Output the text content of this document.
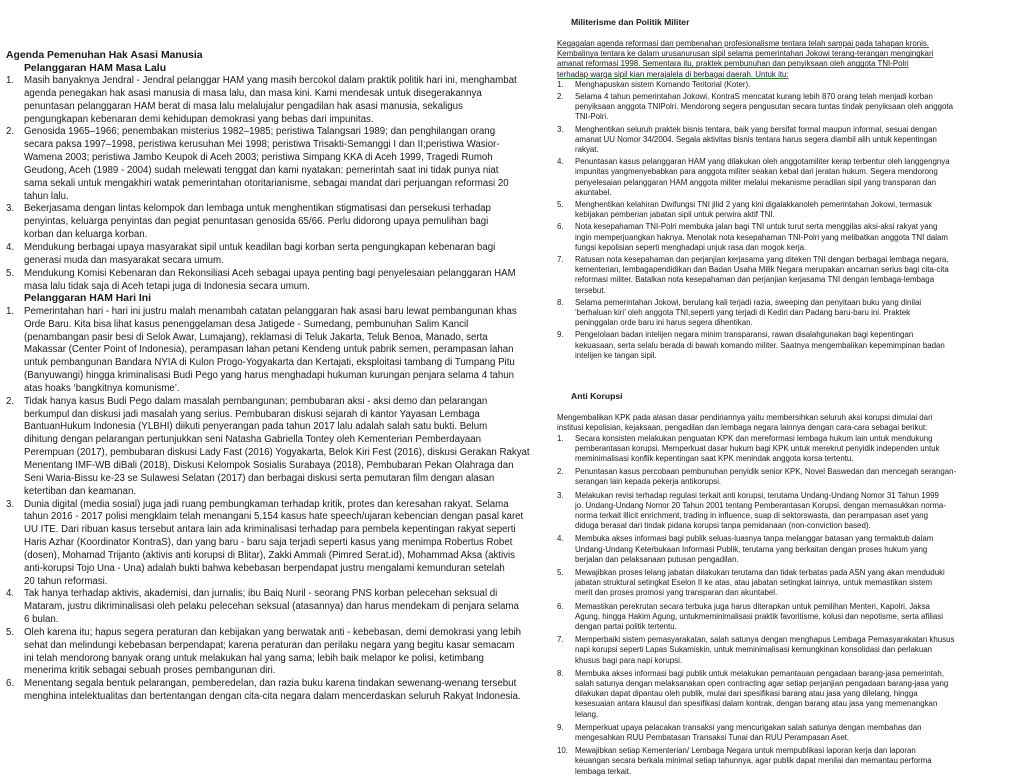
Agenda Pemenuhan Hak Asasi Manusia

Pelanggaran HAM Masa Lalu

1. Masih banyaknya Jendral - Jendral pelanggar HAM yang masih bercokol dalam praktik politik hari ini, menghambat
agenda penegakan hak asasi manusia di masa lalu, dan masa kini. Kami mendesak untuk disegerakannya
penuntasan pelanggaran HAM berat di masa lalu melalujalur pengadilan hak asasi manusia, sekaligus
pengungkapan kebenaran demi kehidupan demokrasi yang bebas dari impunitas.
2. Genosida 1965–1966; penembakan misterius 1982–1985; peristiwa Talangsari 1989; dan penghilangan orang
secara paksa 1997–1998, peristiwa kerusuhan Mei 1998; peristiwa Trisakti-Semanggi I dan II;peristiwa Wasior-
Wamena 2003; peristiwa Jambo Keupok di Aceh 2003; peristiwa Simpang KKA di Aceh 1999, Tragedi Rumoh
Geudong, Aceh (1989 - 2004) sudah melewati tenggat dan kami nyatakan: pemerintah saat ini tidak punya niat
sama sekali untuk mengakhiri watak pemerintahan otoritarianisme, sebagai mandat dari perjuangan reformasi 20
tahun lalu.
3. Bekerjasama dengan lintas kelompok dan lembaga untuk menghentikan stigmatisasi dan persekusi terhadap
penyintas, keluarga penyintas dan pegiat penuntasan genosida 65/66. Perlu didorong upaya pemulihan bagi
korban dan keluarga korban.
4. Mendukung berbagai upaya masyarakat sipil untuk keadilan bagi korban serta pengungkapan kebenaran bagi
generasi muda dan masyarakat secara umum.
5. Mendukung Komisi Kebenaran dan Rekonsiliasi Aceh sebagai upaya penting bagi penyelesaian pelanggaran HAM
masa lalu tidak saja di Aceh tetapi juga di Indonesia secara umum.

Pelanggaran HAM Hari Ini

1. Pemerintahan hari - hari ini justru malah menambah catatan pelanggaran hak asasi baru lewat pembangunan khas
Orde Baru. Kita bisa lihat kasus penenggelaman desa Jatigede - Sumedang, pembunuhan Salim Kancil
(penambangan pasir besi di Selok Awar, Lumajang), reklamasi di Teluk Jakarta, Teluk Benoa, Manado, serta
Makassar (Center Point of Indonesia), perampasan lahan petani Kendeng untuk pabrik semen, perampasan lahan
untuk pembangunan Bandara NYIA di Kulon Progo-Yogyakarta dan Kertajati, eksploitasi tambang di Tumpang Pitu
(Banyuwangi) hingga kriminalisasi Budi Pego yang harus menghadapi hukuman kurungan penjara selama 4 tahun
atas hoaks ‘bangkitnya komunisme’.
2. Tidak hanya kasus Budi Pego dalam masalah pembangunan; pembubaran aksi - aksi demo dan pelarangan
berkumpul dan diskusi jadi masalah yang serius. Pembubaran diskusi sejarah di kantor Yayasan Lembaga
BantuanHukum Indonesia (YLBHI) diikuti penyerangan pada tahun 2017 lalu adalah salah satu bukti. Belum
dihitung dengan pelarangan pertunjukkan seni Natasha Gabriella Tontey oleh Kementerian Pemberdayaan
Perempuan (2017), pembubaran diskusi Lady Fast (2016) Yogyakarta, Belok Kiri Fest (2016), diskusi Gerakan Rakyat
Menentang IMF-WB diBali (2018), Diskusi Kelompok Sosialis Surabaya (2018), Pembubaran Pekan Olahraga dan
Seni Waria-Bissu ke-23 se Sulawesi Selatan (2017) dan berbagai diskusi serta pemutaran film dengan alasan
ketertiban dan keamanan.
3. Dunia digital (media sosial) juga jadi ruang pembungkaman terhadap kritik, protes dan keresahan rakyat. Selama
tahun 2016 - 2017 polisi mengklaim telah menangani 5,154 kasus hate speech/ujaran kebencian dengan pasal karet
UU ITE. Dari ribuan kasus tersebut antara lain ada kriminalisasi terhadap para pembela kepentingan rakyat seperti
Haris Azhar (Koordinator KontraS), dan yang baru - baru saja terjadi seperti kasus yang menimpa Robertus Robet
(dosen), Mohamad Trijanto (aktivis anti korupsi di Blitar), Zakki Ammali (Pimred Serat.id), Mohammad Aksa (aktivis
anti-korupsi Tojo Una - Una) adalah bukti bahwa kebebasan berpendapat justru mengalami kemunduran setelah
20 tahun reformasi.
4. Tak hanya terhadap aktivis, akademisi, dan jurnalis; ibu Baiq Nuril - seorang PNS korban pelecehan seksual di
Mataram, justru dikriminalisasi oleh pelaku pelecehan seksual (atasannya) dan harus mendekam di penjara selama
6 bulan.
5. Oleh karena itu; hapus segera peraturan dan kebijakan yang berwatak anti - kebebasan, demi demokrasi yang lebih
sehat dan melindungi kebebasan berpendapat; karena peraturan dan perilaku negara yang begitu kasar semacam
ini telah mendorong banyak orang untuk melakukan hal yang sama; lebih baik melapor ke polisi, ketimbang
menerima kritik sebagai sebuah proses pembangunan diri.
6. Menentang segala bentuk pelarangan, pemberedelan, dan razia buku karena tindakan sewenang-wenang tersebut
menghina intelektualitas dan bertentangan dengan cita-cita negara dalam mencerdaskan seluruh Rakyat Indonesia.

Militerisme dan Politik Militer

Kegagalan agenda reformasi dan pembenahan profesionalisme tentara telah sampai pada tahapan kronis.
Kembalinya tentara ke dalam urusanurusan sipil selama pemerintahan Jokowi terang-terangan mengingkari
amanat reformasi 1998. Sementara itu, praktek pembunuhan dan penyiksaan oleh anggota TNI-Polri
terhadap warga sipil kian merajalela di berbagai daerah. Untuk itu:

1. Menghapuskan sistem Komando Teritorial (Koter).
2. Selama 4 tahun pemerintahan Jokowi, KontraS mencatat kurang lebih 870 orang telah menjadi korban
penyiksaan anggota TNIPolri. Mendorong segera pengusutan secara tuntas tindak penyiksaan oleh anggota
TNI-Polri.
3. Menghentikan seluruh praktek bisnis tentara, baik yang bersifat formal maupun informal, sesuai dengan
amanat UU Nomor 34/2004. Segala aktivitas bisnis tentara harus segera diambil alih untuk kepentingan
rakyat.
4. Penuntasan kasus pelanggaran HAM yang dilakukan oleh anggotamiliter kerap terbentur oleh langgengnya
impunitas yangmenyebabkan para anggota militer seakan kebal dari jeratan hukum. Segera mendorong
penyelesaian pelanggaran HAM anggota militer melalui mekanisme peradilan sipil yang transparan dan
akuntabel.
5. Menghentikan kelahiran Dwifungsi TNI jilid 2 yang kini digalakkanoleh pemerintahan Jokowi, termasuk
kebijakan pemberian jabatan sipil untuk perwira aktif TNI.
6. Nota kesepahaman TNI-Polri membuka jalan bagi TNI untuk turut serta menggilas aksi-aksi rakyat yang
ingin memperjuangkan haknya. Menolak nota kesepahaman TNI-Polri yang melibatkan anggota TNI dalam
fungsi kepolisian seperti menghadapi unjuk rasa dan mogok kerja.
7. Ratusan nota kesepahaman dan perjanjian kerjasama yang diteken TNI dengan berbagai lembaga negara,
kementerian, lembagapendidikan dan Badan Usaha Milik Negara merupakan ancaman serius bagi cita-cita
reformasi militer. Batalkan nota kesepahaman dan perjanjian kerjasama TNI dengan lembaga-lembaga
tersebut.
8. Selama pemerintahan Jokowi, berulang kali terjadi razia, sweeping dan penyitaan buku yang dinilai
‘berhaluan kiri’ oleh anggota TNI,seperti yang terjadi di Kediri dan Padang baru-baru ini. Praktek
peninggalan orde baru ini harus segera dihentikan.
9. Pengelolaan badan intelijen negara minim transparansi, rawan disalahgunakan bagi kepentingan
kekuasaan, serta selalu berada di bawah komando militer. Saatnya mengembalikan kepemimpinan badan
intelijen ke tangan sipil.

Anti Korupsi

Mengembalikan KPK pada alasan dasar pendiriannya yaitu membersihkan seluruh aksi korupsi dimulai dari
institusi kepolisian, kejaksaan, pengadilan dan lembaga negara lainnya dengan cara-cara sebagai berikut:

1. Secara konsisten melakukan penguatan KPK dan mereformasi lembaga hukum lain untuk mendukung
pemberantasan korupsi. Memperkuat dasar hukum bagi KPK untuk merekrut penyidik independen untuk
meminimalisasi konflik kepentingan saat KPK menindak anggota korsa tertentu.
2. Penuntasan kasus percobaan pembunuhan penyidik senior KPK, Novel Baswedan dan mencegah serangan-
serangan lain kepada pekerja antikorupsi.
3. Melakukan revisi terhadap regulasi terkait anti korupsi, terutama Undang-Undang Nomor 31 Tahun 1999
jo. Undang-Undang Nomor 20 Tahun 2001 tentang Pemberantasan Korupsi, dengan memasukkan norma-
norma terkait illicit enrichment, trading in influence, suap di sektorswasta, dan perampasan aset yang
diduga berasal dari tindak pidana korupsi tanpa pemidanaan (non-conviction based).
4. Membuka akses informasi bagi publik seluas-luasnya tanpa melanggar batasan yang termaktub dalam
Undang-Undang Keterbukaan Informasi Publik, terutama yang berkaitan dengan proses hukum yang
berjalan dan pelaksanaan putusan pengadilan.
5. Mewajibkan proses lelang jabatan dilakukan terutama dan tidak terbatas pada ASN yang akan menduduki
jabatan struktural setingkat Eselon II ke atas, atau jabatan setingkat lainnya, untuk memastikan sistem
merit dan proses promosi yang transparan dan akuntabel.
6. Memastikan perekrutan secara terbuka juga harus diterapkan untuk pemilihan Menteri, Kapolri, Jaksa
Agung, hingga Hakim Agung, untukmeminimalisasi praktik favoritisme, kolusi dan nepotisme, serta afiliasi
dengan partai politik tertentu.
7. Memperbaiki sistem pemasyarakatan, salah satunya dengan menghapus Lembaga Pemasyarakatan khusus
napi korupsi seperti Lapas Sukamiskin, untuk meminimalisasi kemungkinan konsolidasi dan perlakuan
khusus bagi para napi korupsi.
8. Membuka akses informasi bagi publik untuk melakukan pemantauan pengadaan barang-jasa pemerintah,
salah satunya dengan melaksanakan open contracting agar setiap perjanjian pengadaan barang-jasa yang
dilakukan dapat dipantau oleh publik, mulai dari spesifikasi barang atau jasa yang dilelang, hingga
kesesuaian antara klausul dan spesifikasi dalam kontrak, dengan barang atau jasa yang memenangkan
lelang.
9. Memperkuat upaya pelacakan transaksi yang mencurigakan salah satunya dengan membahas dan
mengesahkan RUU Pembatasan Transaksi Tunai dan RUU Perampasan Aset.
10. Mewajibkan setiap Kementerian/ Lembaga Negara untuk mempublikasi laporan kerja dan laporan
keuangan secara berkala minimal setiap tahunnya, agar publik dapat menilai dan memantau performa
lembaga terkait.
